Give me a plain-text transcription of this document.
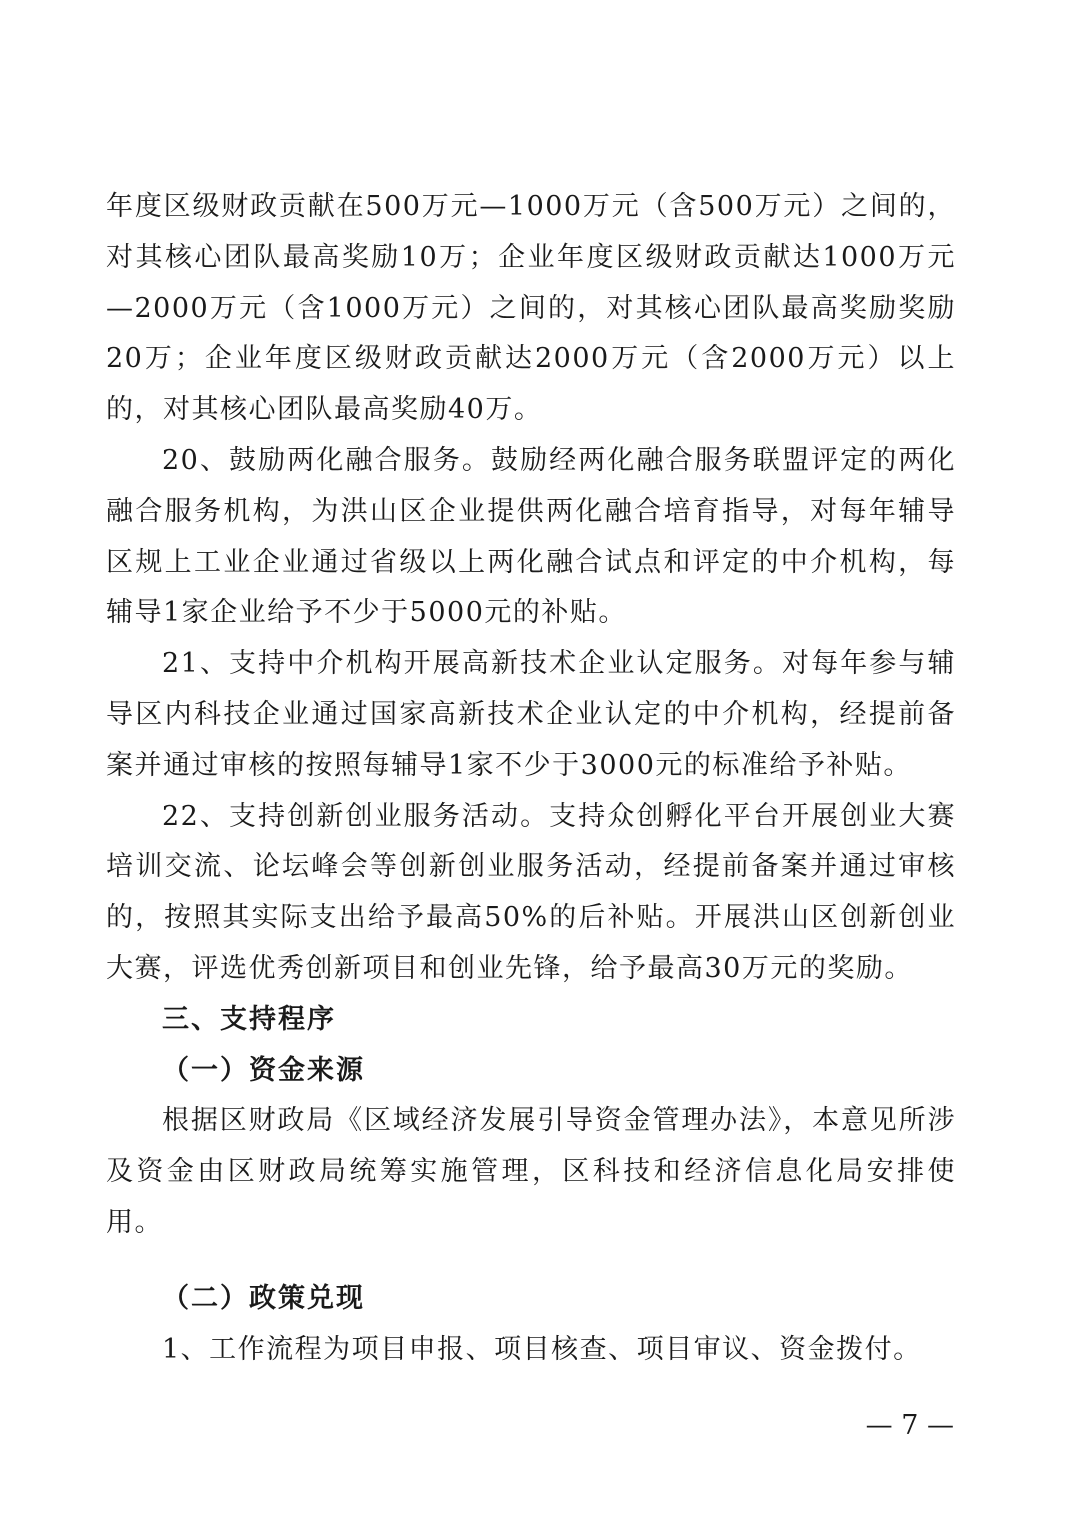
年度区级财政贡献在500万元—1000万元（含500万元）之间的，对其核心团队最高奖励10万；企业年度区级财政贡献达1000万元—2000万元（含1000万元）之间的，对其核心团队最高奖励奖励20万；企业年度区级财政贡献达2000万元（含2000万元）以上的，对其核心团队最高奖励40万。

20、鼓励两化融合服务。鼓励经两化融合服务联盟评定的两化融合服务机构，为洪山区企业提供两化融合培育指导，对每年辅导区规上工业企业通过省级以上两化融合试点和评定的中介机构，每辅导1家企业给予不少于5000元的补贴。

21、支持中介机构开展高新技术企业认定服务。对每年参与辅导区内科技企业通过国家高新技术企业认定的中介机构，经提前备案并通过审核的按照每辅导1家不少于3000元的标准给予补贴。

22、支持创新创业服务活动。支持众创孵化平台开展创业大赛培训交流、论坛峰会等创新创业服务活动，经提前备案并通过审核的，按照其实际支出给予最高50%的后补贴。开展洪山区创新创业大赛，评选优秀创新项目和创业先锋，给予最高30万元的奖励。

三、支持程序

（一）资金来源

根据区财政局《区域经济发展引导资金管理办法》，本意见所涉及资金由区财政局统筹实施管理，区科技和经济信息化局安排使用。

（二）政策兑现

1、工作流程为项目申报、项目核查、项目审议、资金拨付。

— 7 —
